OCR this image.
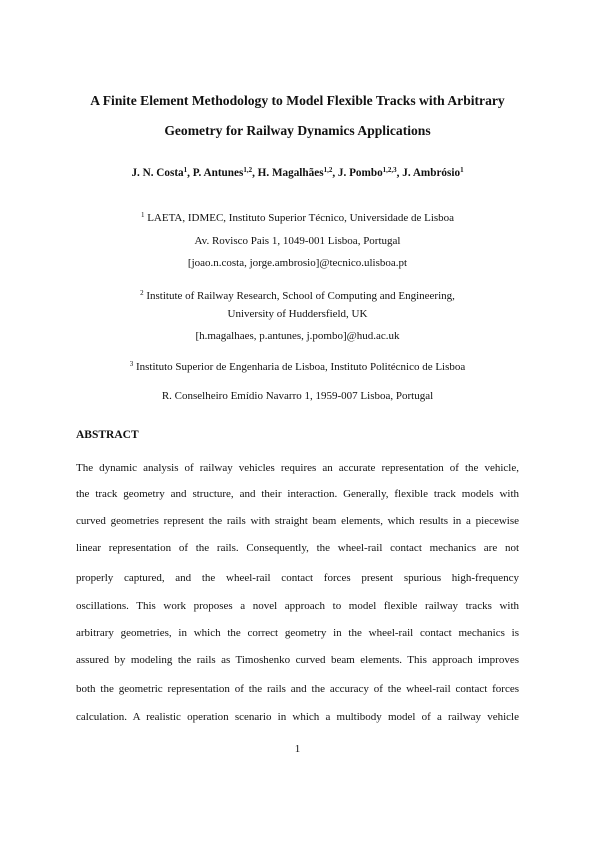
A Finite Element Methodology to Model Flexible Tracks with Arbitrary
Geometry for Railway Dynamics Applications
J. N. Costa$^1$, P. Antunes$^{1,2}$, H. Magalhães$^{1,2}$, J. Pombo$^{1,2,3}$, J. Ambrósio$^1$
$^1$ LAETA, IDMEC, Instituto Superior Técnico, Universidade de Lisboa
Av. Rovisco Pais 1, 1049-001 Lisboa, Portugal
[joao.n.costa, jorge.ambrosio]@tecnico.ulisboa.pt
$^2$ Institute of Railway Research, School of Computing and Engineering,
University of Huddersfield, UK
[h.magalhaes, p.antunes, j.pombo]@hud.ac.uk
$^3$ Instituto Superior de Engenharia de Lisboa, Instituto Politécnico de Lisboa
R. Conselheiro Emídio Navarro 1, 1959-007 Lisboa, Portugal
ABSTRACT
The dynamic analysis of railway vehicles requires an accurate representation of the vehicle,
the track geometry and structure, and their interaction. Generally, flexible track models with
curved geometries represent the rails with straight beam elements, which results in a piecewise
linear representation of the rails. Consequently, the wheel-rail contact mechanics are not
properly captured, and the wheel-rail contact forces present spurious high-frequency
oscillations. This work proposes a novel approach to model flexible railway tracks with
arbitrary geometries, in which the correct geometry in the wheel-rail contact mechanics is
assured by modeling the rails as Timoshenko curved beam elements. This approach improves
both the geometric representation of the rails and the accuracy of the wheel-rail contact forces
calculation. A realistic operation scenario in which a multibody model of a railway vehicle
1
